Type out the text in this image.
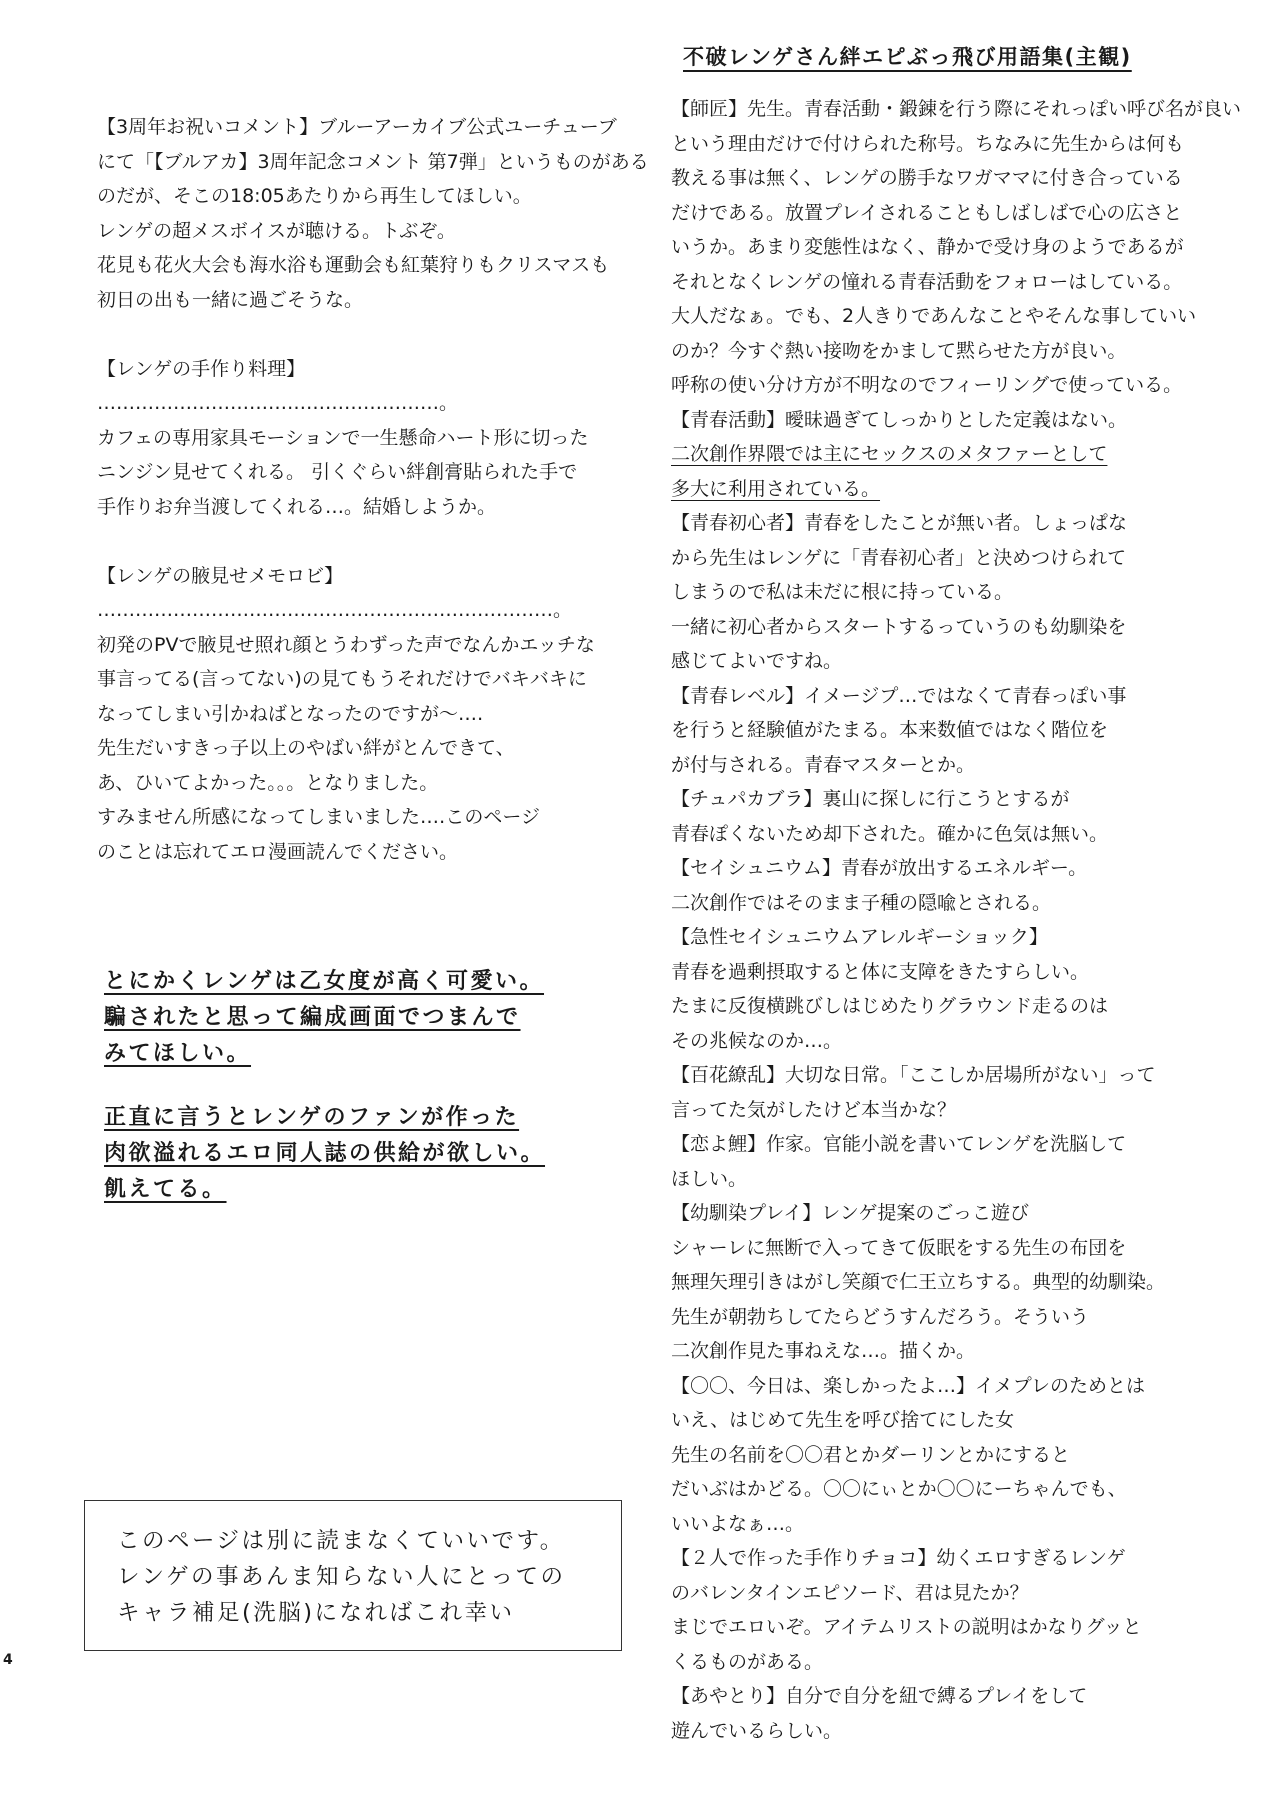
【3周年お祝いコメント】ブルーアーカイブ公式ユーチューブ
にて「【ブルアカ】3周年記念コメント 第7弾」というものがある
のだが、そこの18:05あたりから再生してほしい。
レンゲの超メスボイスが聴ける。トぶぞ。
花見も花火大会も海水浴も運動会も紅葉狩りもクリスマスも
初日の出も一緒に過ごそうな。
【レンゲの手作り料理】
………………………………………………。
カフェの専用家具モーションで一生懸命ハート形に切った
ニンジン見せてくれる。 引くぐらい絆創膏貼られた手で
手作りお弁当渡してくれる…。結婚しようか。
【レンゲの腋見せメモロビ】
………………………………………………………………。
初発のPVで腋見せ照れ顔とうわずった声でなんかエッチな
事言ってる(言ってない)の見てもうそれだけでバキバキに
なってしまい引かねばとなったのですが～‥‥
先生だいすきっ子以上のやばい絆がとんできて、
あ、ひいてよかった。。。となりました。
すみません所感になってしまいました‥‥このページ
のことは忘れてエロ漫画読んでください。
とにかくレンゲは乙女度が高く可愛い。
騙されたと思って編成画面でつまんで
みてほしい。
正直に言うとレンゲのファンが作った
肉欲溢れるエロ同人誌の供給が欲しい。
飢えてる。
このページは別に読まなくていいです。
レンゲの事あんま知らない人にとっての
キャラ補足(洗脳)になればこれ幸い
4
不破レンゲさん絆エピぶっ飛び用語集(主観)
【師匠】先生。青春活動・鍛錬を行う際にそれっぽい呼び名が良い
という理由だけで付けられた称号。ちなみに先生からは何も
教える事は無く、レンゲの勝手なワガママに付き合っている
だけである。放置プレイされることもしばしばで心の広さと
いうか。あまり変態性はなく、静かで受け身のようであるが
それとなくレンゲの憧れる青春活動をフォローはしている。
大人だなぁ。でも、2人きりであんなことやそんな事していい
のか？今すぐ熱い接吻をかまして黙らせた方が良い。
呼称の使い分け方が不明なのでフィーリングで使っている。
【青春活動】曖昧過ぎてしっかりとした定義はない。
二次創作界隈では主にセックスのメタファーとして
多大に利用されている。
【青春初心者】青春をしたことが無い者。しょっぱな
から先生はレンゲに「青春初心者」と決めつけられて
しまうので私は未だに根に持っている。
一緒に初心者からスタートするっていうのも幼馴染を
感じてよいですね。
【青春レベル】イメージプ…ではなくて青春っぽい事
を行うと経験値がたまる。本来数値ではなく階位を
が付与される。青春マスターとか。
【チュパカブラ】裏山に探しに行こうとするが
青春ぽくないため却下された。確かに色気は無い。
【セイシュニウム】青春が放出するエネルギー。
二次創作ではそのまま子種の隠喩とされる。
【急性セイシュニウムアレルギーショック】
青春を過剰摂取すると体に支障をきたすらしい。
たまに反復横跳びしはじめたりグラウンド走るのは
その兆候なのか…。
【百花繚乱】大切な日常。「ここしか居場所がない」って
言ってた気がしたけど本当かな？
【恋よ鯉】作家。官能小説を書いてレンゲを洗脳して
ほしい。
【幼馴染プレイ】レンゲ提案のごっこ遊び
シャーレに無断で入ってきて仮眠をする先生の布団を
無理矢理引きはがし笑顔で仁王立ちする。典型的幼馴染。
先生が朝勃ちしてたらどうすんだろう。そういう
二次創作見た事ねえな…。描くか。
【〇〇、今日は、楽しかったよ…】イメプレのためとは
いえ、はじめて先生を呼び捨てにした女
先生の名前を〇〇君とかダーリンとかにすると
だいぶはかどる。〇〇にぃとか〇〇にーちゃんでも、
いいよなぁ…。
【２人で作った手作りチョコ】幼くエロすぎるレンゲ
のバレンタインエピソード、君は見たか？
まじでエロいぞ。アイテムリストの説明はかなりグッと
くるものがある。
【あやとり】自分で自分を紐で縛るプレイをして
遊んでいるらしい。
